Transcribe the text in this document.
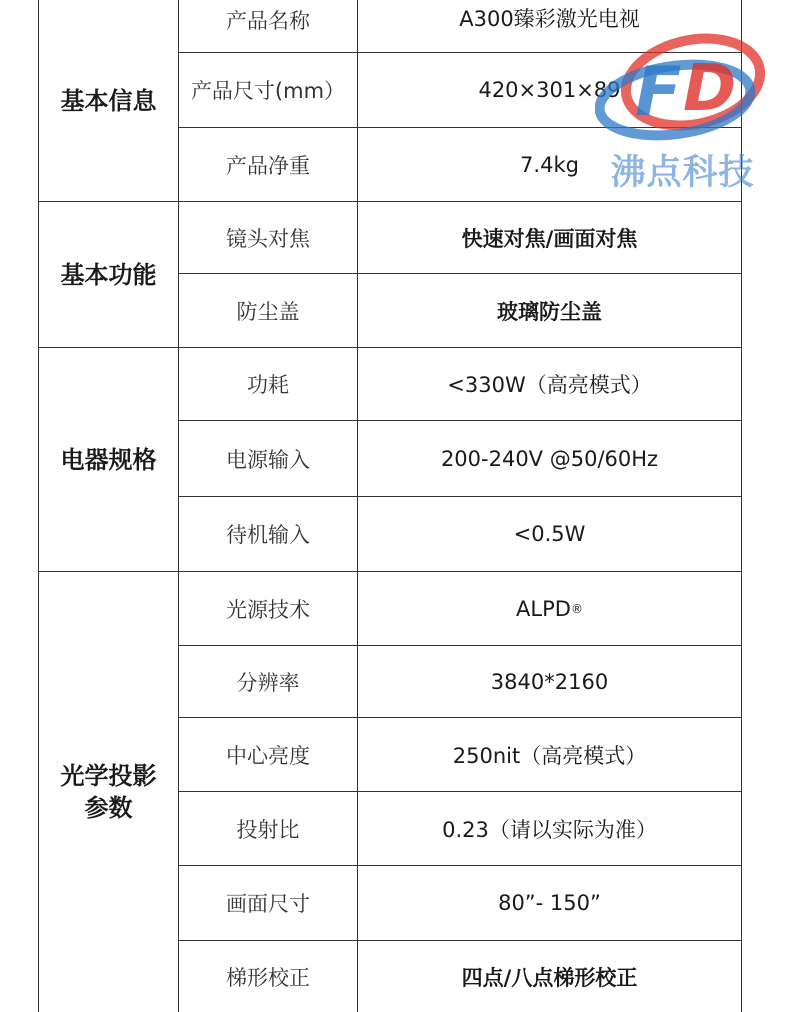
基本信息
产品名称	A300臻彩激光电视
产品尺寸(mm）	420×301×89
产品净重	7.4kg
基本功能
镜头对焦	快速对焦/画面对焦
防尘盖	玻璃防尘盖
电器规格
功耗	<330W（高亮模式）
电源输入	200-240V @50/60Hz
待机输入	<0.5W
光学投影
参数
光源技术	ALPD ®
分辨率	3840*2160
中心亮度	250nit（高亮模式）
投射比	0.23（请以实际为准）
画面尺寸	80”- 150”
梯形校正	四点/八点梯形校正
F D
沸点科技
